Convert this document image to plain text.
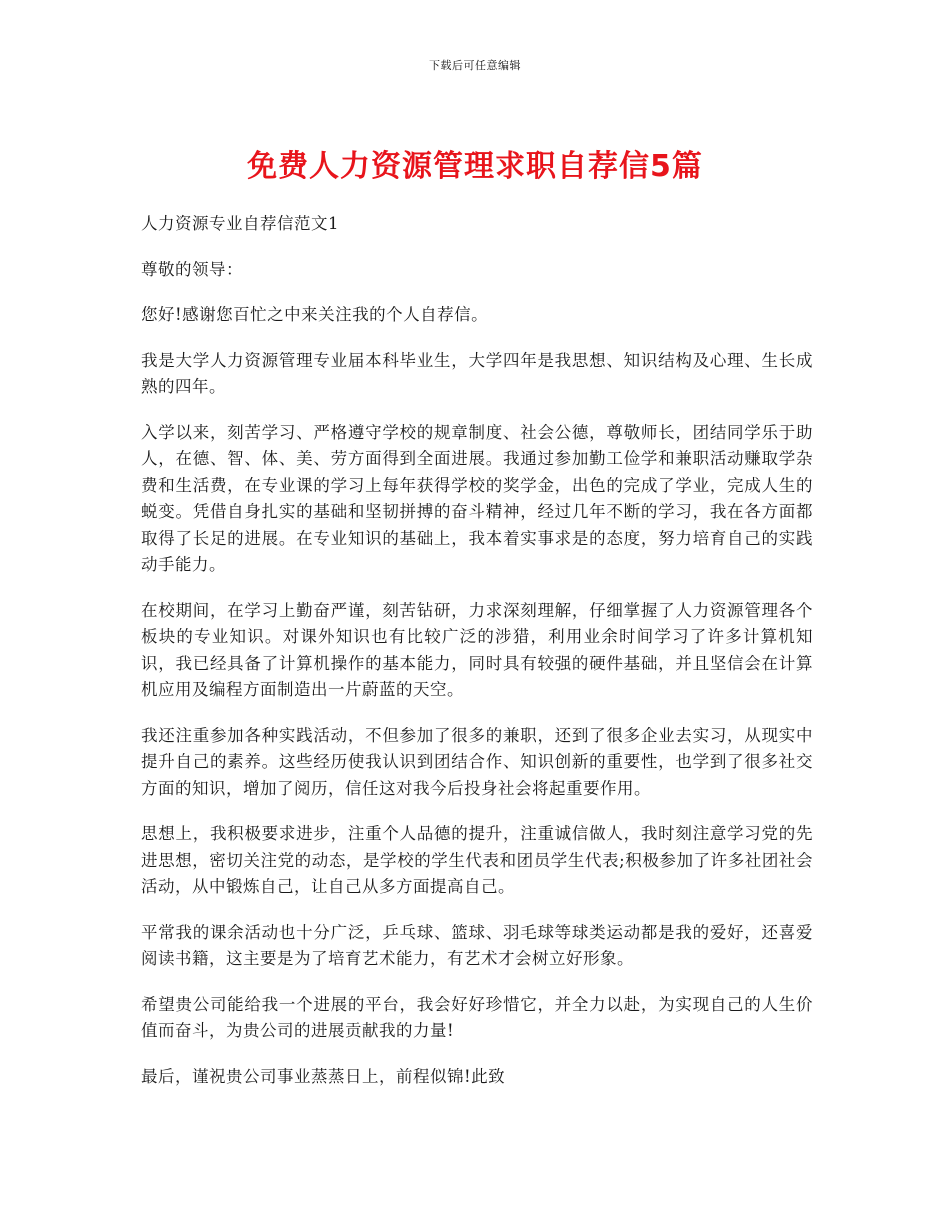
下载后可任意编辑
免费人力资源管理求职自荐信5篇

人力资源专业自荐信范文1

尊敬的领导：

您好!感谢您百忙之中来关注我的个人自荐信。

我是大学人力资源管理专业届本科毕业生，大学四年是我思想、知识结构及心理、生长成熟的四年。

入学以来，刻苦学习、严格遵守学校的规章制度、社会公德，尊敬师长，团结同学乐于助人，在德、智、体、美、劳方面得到全面进展。我通过参加勤工俭学和兼职活动赚取学杂费和生活费，在专业课的学习上每年获得学校的奖学金，出色的完成了学业，完成人生的蜕变。凭借自身扎实的基础和坚韧拼搏的奋斗精神，经过几年不断的学习，我在各方面都取得了长足的进展。在专业知识的基础上，我本着实事求是的态度，努力培育自己的实践动手能力。

在校期间，在学习上勤奋严谨，刻苦钻研，力求深刻理解，仔细掌握了人力资源管理各个板块的专业知识。对课外知识也有比较广泛的涉猎，利用业余时间学习了许多计算机知识，我已经具备了计算机操作的基本能力，同时具有较强的硬件基础，并且坚信会在计算机应用及编程方面制造出一片蔚蓝的天空。

我还注重参加各种实践活动，不但参加了很多的兼职，还到了很多企业去实习，从现实中提升自己的素养。这些经历使我认识到团结合作、知识创新的重要性，也学到了很多社交方面的知识，增加了阅历，信任这对我今后投身社会将起重要作用。

思想上，我积极要求进步，注重个人品德的提升，注重诚信做人，我时刻注意学习党的先进思想，密切关注党的动态，是学校的学生代表和团员学生代表;积极参加了许多社团社会活动，从中锻炼自己，让自己从多方面提高自己。

平常我的课余活动也十分广泛，乒乓球、篮球、羽毛球等球类运动都是我的爱好，还喜爱阅读书籍，这主要是为了培育艺术能力，有艺术才会树立好形象。

希望贵公司能给我一个进展的平台，我会好好珍惜它，并全力以赴，为实现自己的人生价值而奋斗，为贵公司的进展贡献我的力量!

最后，谨祝贵公司事业蒸蒸日上，前程似锦!此致
